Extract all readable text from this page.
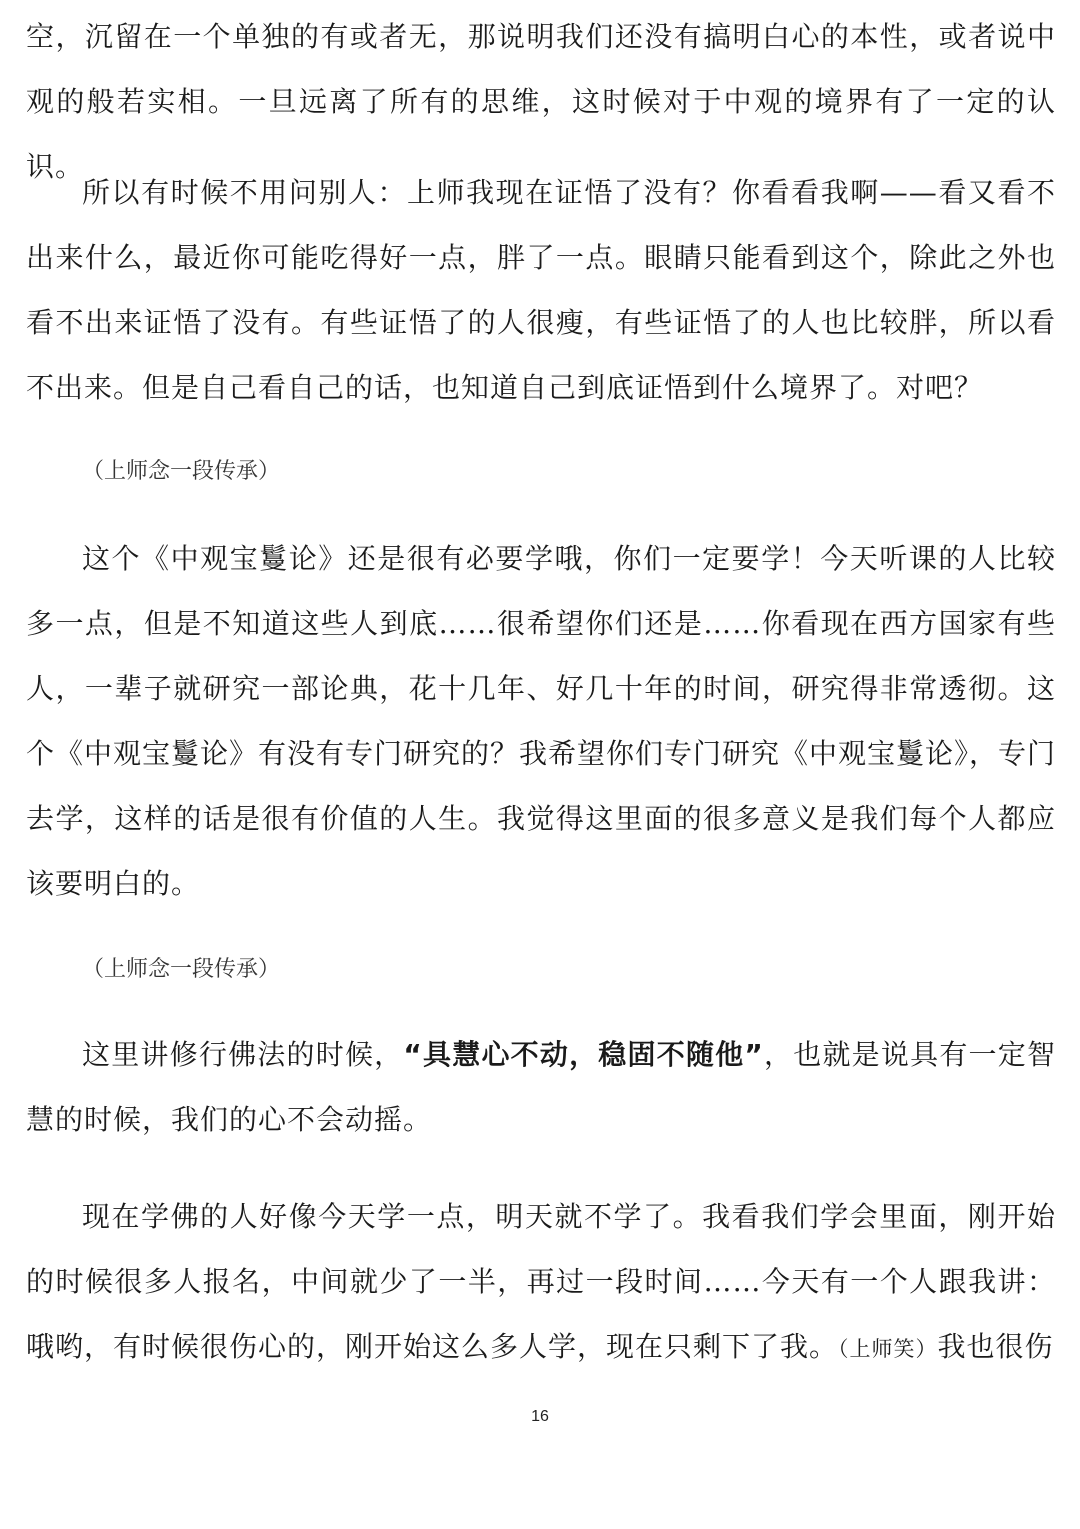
空，沉留在一个单独的有或者无，那说明我们还没有搞明白心的本性，或者说中观的般若实相。一旦远离了所有的思维，这时候对于中观的境界有了一定的认识。

所以有时候不用问别人：上师我现在证悟了没有？你看看我啊——看又看不出来什么，最近你可能吃得好一点，胖了一点。眼睛只能看到这个，除此之外也看不出来证悟了没有。有些证悟了的人很瘦，有些证悟了的人也比较胖，所以看不出来。但是自己看自己的话，也知道自己到底证悟到什么境界了。对吧？

（上师念一段传承）

这个《中观宝鬘论》还是很有必要学哦，你们一定要学！今天听课的人比较多一点，但是不知道这些人到底……很希望你们还是……你看现在西方国家有些人，一辈子就研究一部论典，花十几年、好几十年的时间，研究得非常透彻。这个《中观宝鬘论》有没有专门研究的？我希望你们专门研究《中观宝鬘论》，专门去学，这样的话是很有价值的人生。我觉得这里面的很多意义是我们每个人都应该要明白的。

（上师念一段传承）

这里讲修行佛法的时候，“具慧心不动，稳固不随他”，也就是说具有一定智慧的时候，我们的心不会动摇。

现在学佛的人好像今天学一点，明天就不学了。我看我们学会里面，刚开始的时候很多人报名，中间就少了一半，再过一段时间……今天有一个人跟我讲：哦哟，有时候很伤心的，刚开始这么多人学，现在只剩下了我。（上师笑）我也很伤

16
